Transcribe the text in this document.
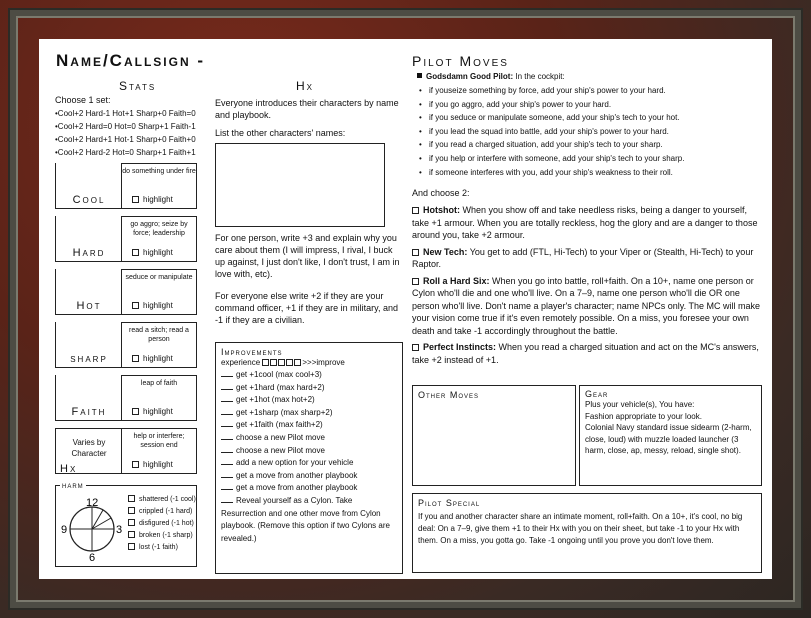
Name/Callsign -
Stats
Choose 1 set:
•Cool+2 Hard-1 Hot+1 Sharp+0 Faith=0
•Cool+2 Hard=0 Hot=0 Sharp+1 Faith-1
•Cool+2 Hard+1 Hot-1 Sharp+0 Faith+0
•Cool+2 Hard-2 Hot=0 Sharp+1 Faith+1
Cool
do something under fire
highlight
Hard
go aggro; seize by force; leadership
highlight
Hot
seduce or manipulate
highlight
sharp
read a sitch; read a person
highlight
Faith
leap of faith
highlight
Varies by Character
Hx
help or interfere; session end
highlight
harm
12
3
6
9
shattered (-1 cool)
crippled (-1 hard)
disfigured (-1 hot)
broken (-1 sharp)
lost (-1 faith)
Hx
Everyone introduces their characters by name and playbook.
List the other characters' names:
For one person, write +3 and explain why you care about them (I will impress, I rival, I buck up against, I just don't like, I don't trust, I am in love with, etc).
For everyone else write +2 if they are your command officer, +1 if they are in military, and -1 if they are a civilian.
Improvements
experience	>>>improve
get +1cool (max cool+3)
get +1hard (max hard+2)
get +1hot (max hot+2)
get +1sharp (max sharp+2)
get +1faith (max faith+2)
choose a new Pilot move
choose a new Pilot move
add a new option for your vehicle
get a move from another playbook
get a move from another playbook
Reveal yourself as a Cylon. Take Resurrection and one other move from Cylon playbook. (Remove this option if two Cylons are revealed.)
Pilot Moves
Godsdamn Good Pilot: In the cockpit:
• if youseize something by force, add your ship's power to your hard.
• if you go aggro, add your ship's power to your hard.
• if you seduce or manipulate someone, add your ship's tech to your hot.
• if you lead the squad into battle, add your ship's power to your hard.
• if you read a charged situation, add your ship's tech to your sharp.
• if you help or interfere with someone, add your ship's tech to your sharp.
• if someone interferes with you, add your ship's weakness to their roll.
And choose 2:
Hotshot: When you show off and take needless risks, being a danger to yourself, take +1 armour. When you are totally reckless, hog the glory and are a danger to those around you, take +2 armour.
New Tech: You get to add (FTL, Hi-Tech) to your Viper or (Stealth, Hi-Tech) to your Raptor.
Roll a Hard Six: When you go into battle, roll+faith. On a 10+, name one person or Cylon who'll die and one who'll live. On a 7–9, name one person who'll die OR one person who'll live. Don't name a player's character; name NPCs only. The MC will make your vision come true if it's even remotely possible. On a miss, you foresee your own death and take -1 accordingly throughout the battle.
Perfect Instincts: When you read a charged situation and act on the MC's answers, take +2 instead of +1.
Other Moves	Gear
Plus your vehicle(s), You have:
Fashion appropriate to your look.
Colonial Navy standard issue sidearm (2-harm, close, loud) with muzzle loaded launcher (3 harm, close, ap, messy, reload, single shot).
Pilot Special
If you and another character share an intimate moment, roll+faith. On a 10+, it's cool, no big deal: On a 7–9, give them +1 to their Hx with you on their sheet, but take -1 to your Hx with them. On a miss, you gotta go. Take -1 ongoing until you prove you don't love them.
